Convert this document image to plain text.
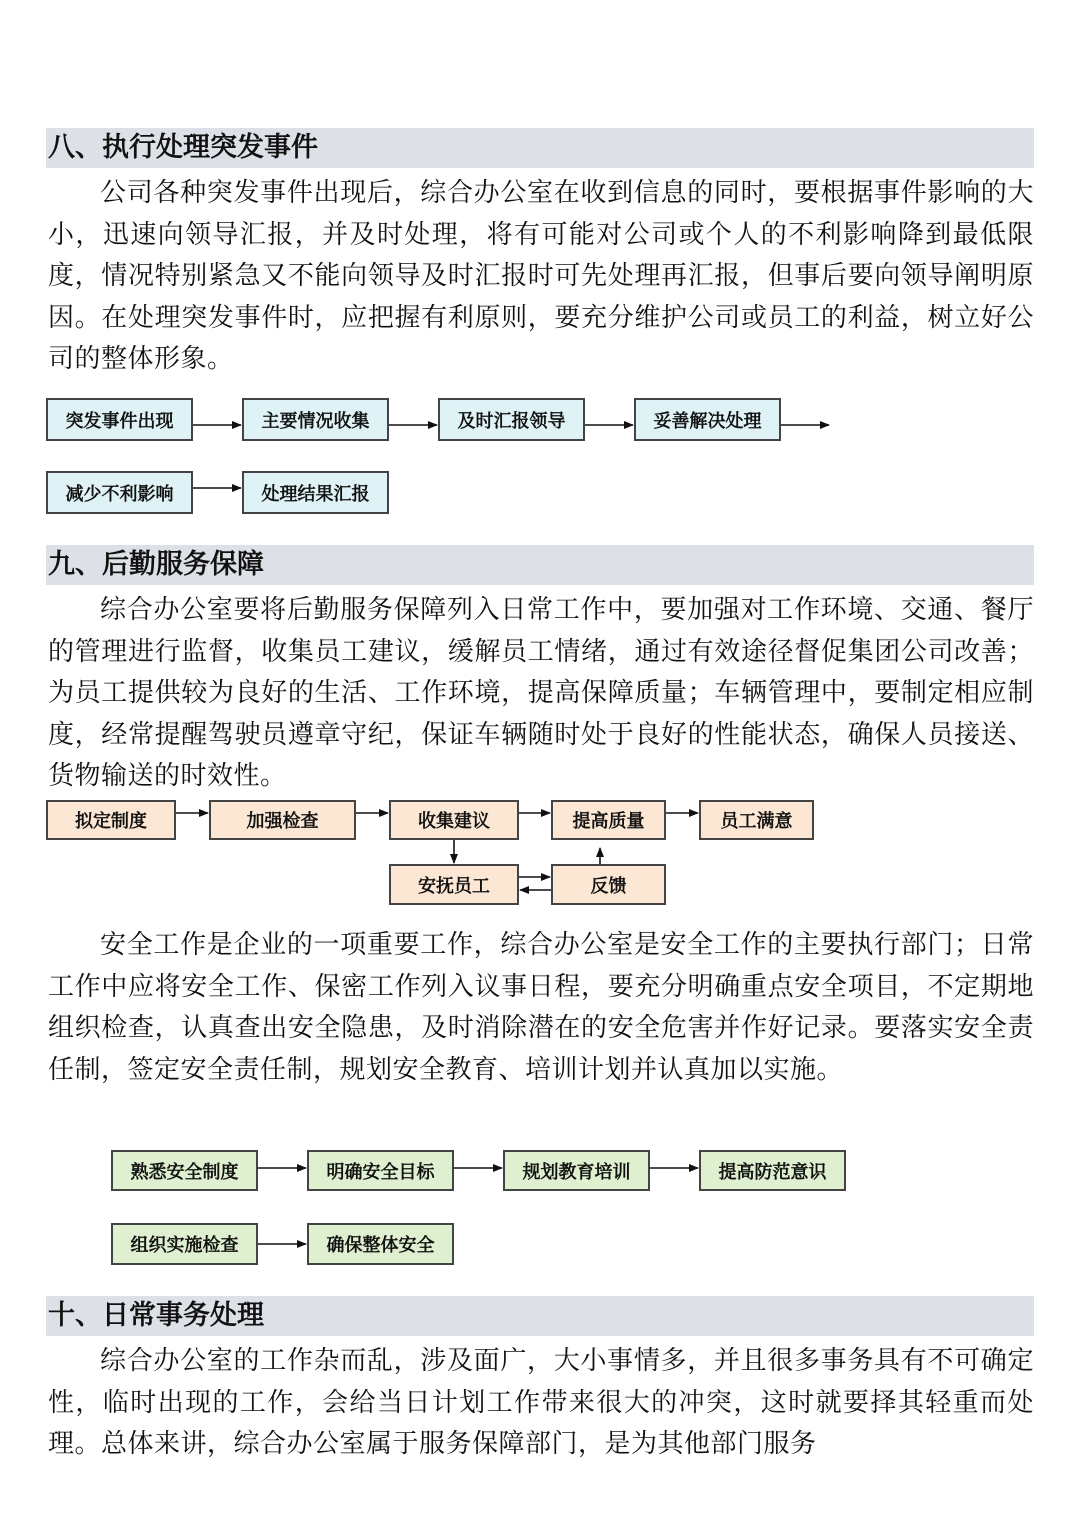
八、执行处理突发事件

公司各种突发事件出现后，综合办公室在收到信息的同时，要根据事件影响的大小，迅速向领导汇报，并及时处理，将有可能对公司或个人的不利影响降到最低限度，情况特别紧急又不能向领导及时汇报时可先处理再汇报，但事后要向领导阐明原因。在处理突发事件时，应把握有利原则，要充分维护公司或员工的利益，树立好公司的整体形象。

突发事件出现	主要情况收集	及时汇报领导	妥善解决处理
减少不利影响	处理结果汇报
九、后勤服务保障

综合办公室要将后勤服务保障列入日常工作中，要加强对工作环境、交通、餐厅的管理进行监督，收集员工建议，缓解员工情绪，通过有效途径督促集团公司改善；为员工提供较为良好的生活、工作环境，提高保障质量；车辆管理中，要制定相应制度，经常提醒驾驶员遵章守纪，保证车辆随时处于良好的性能状态，确保人员接送、货物输送的时效性。

拟定制度	加强检查	收集建议	提高质量	员工满意
安抚员工	反馈

安全工作是企业的一项重要工作，综合办公室是安全工作的主要执行部门；日常工作中应将安全工作、保密工作列入议事日程，要充分明确重点安全项目，不定期地组织检查，认真查出安全隐患，及时消除潜在的安全危害并作好记录。要落实安全责任制，签定安全责任制，规划安全教育、培训计划并认真加以实施。

熟悉安全制度	明确安全目标	规划教育培训	提高防范意识
组织实施检查	确保整体安全
十、日常事务处理

综合办公室的工作杂而乱，涉及面广，大小事情多，并且很多事务具有不可确定性，临时出现的工作，会给当日计划工作带来很大的冲突，这时就要择其轻重而处理。总体来讲，综合办公室属于服务保障部门，是为其他部门服务
